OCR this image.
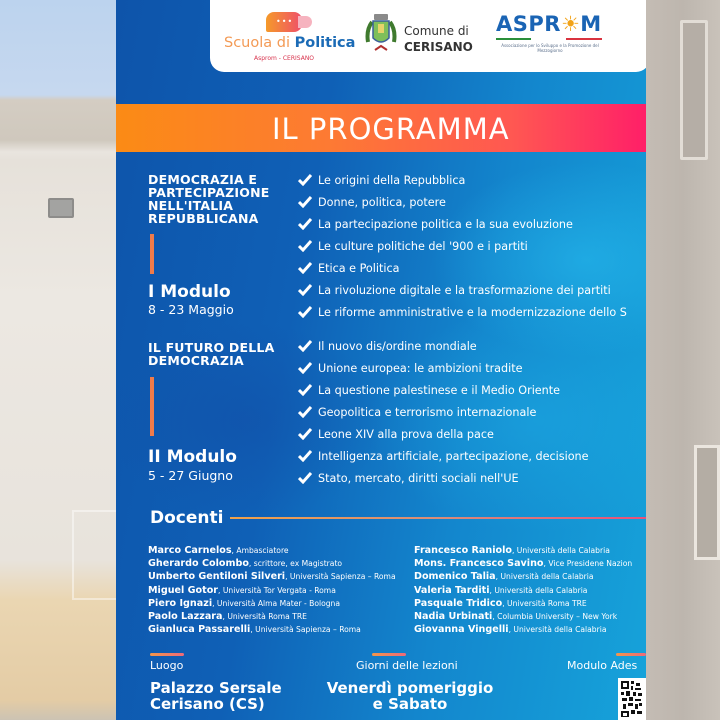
•••
Scuola di Politica
Asprom - CERISANO
Comune di
CERISANO
ASPR☀M
Associazione per lo Sviluppo e la Promozione del Mezzogiorno
IL PROGRAMMA
DEMOCRAZIA E PARTECIPAZIONE NELL'ITALIA REPUBBLICANA
I Modulo
8 - 23 Maggio
Le origini della Repubblica
Donne, politica, potere
La partecipazione politica e la sua evoluzione
Le culture politiche del '900 e i partiti
Etica e Politica
La rivoluzione digitale e la trasformazione dei partiti
Le riforme amministrative e la modernizzazione dello S
IL FUTURO DELLA DEMOCRAZIA
II Modulo
5 - 27 Giugno
Il nuovo dis/ordine mondiale
Unione europea: le ambizioni tradite
La questione palestinese e il Medio Oriente
Geopolitica e terrorismo internazionale
Leone XIV alla prova della pace
Intelligenza artificiale, partecipazione, decisione
Stato, mercato, diritti sociali nell'UE
Docenti
Marco Carnelos, Ambasciatore
Gherardo Colombo, scrittore, ex Magistrato
Umberto Gentiloni Silveri, Università Sapienza – Roma
Miguel Gotor, Università Tor Vergata - Roma
Piero Ignazi, Università Alma Mater - Bologna
Paolo Lazzara, Università Roma TRE
Gianluca Passarelli, Università Sapienza – Roma
Francesco Raniolo, Università della Calabria
Mons. Francesco Savino, Vice Presidene Nazion
Domenico Talia, Università della Calabria
Valeria Tarditi, Università della Calabria
Pasquale Tridico, Università Roma TRE
Nadia Urbinati, Columbia University – New York
Giovanna Vingelli, Università della Calabria
Luogo
Palazzo Sersale
Cerisano (CS)
Giorni delle lezioni
Venerdì pomeriggio
e Sabato
Modulo Ades
